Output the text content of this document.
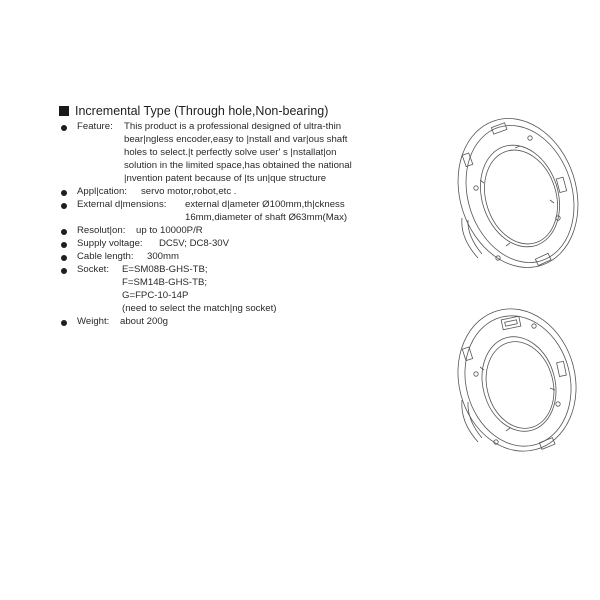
Incremental Type (Through hole,Non-bearing)
Feature: This product is a professional designed of ultra-thin
bear|ngless encoder,easy to |nstall and var|ous shaft
holes to select.|t perfectly solve user' s |nstallat|on
solution in the limited space,has obtained the national
|nvention patent because of |ts un|que structure
Appl|cation: servo motor,robot,etc .
External d|mensions: external d|ameter Ø100mm,th|ckness
16mm,diameter of shaft Ø63mm(Max)
Resolut|on: up to 10000P/R
Supply voltage: DC5V; DC8-30V
Cable length: 300mm
Socket: E=SM08B-GHS-TB;
F=SM14B-GHS-TB;
G=FPC-10-14P
(need to select the match|ng socket)
Weight: about 200g
